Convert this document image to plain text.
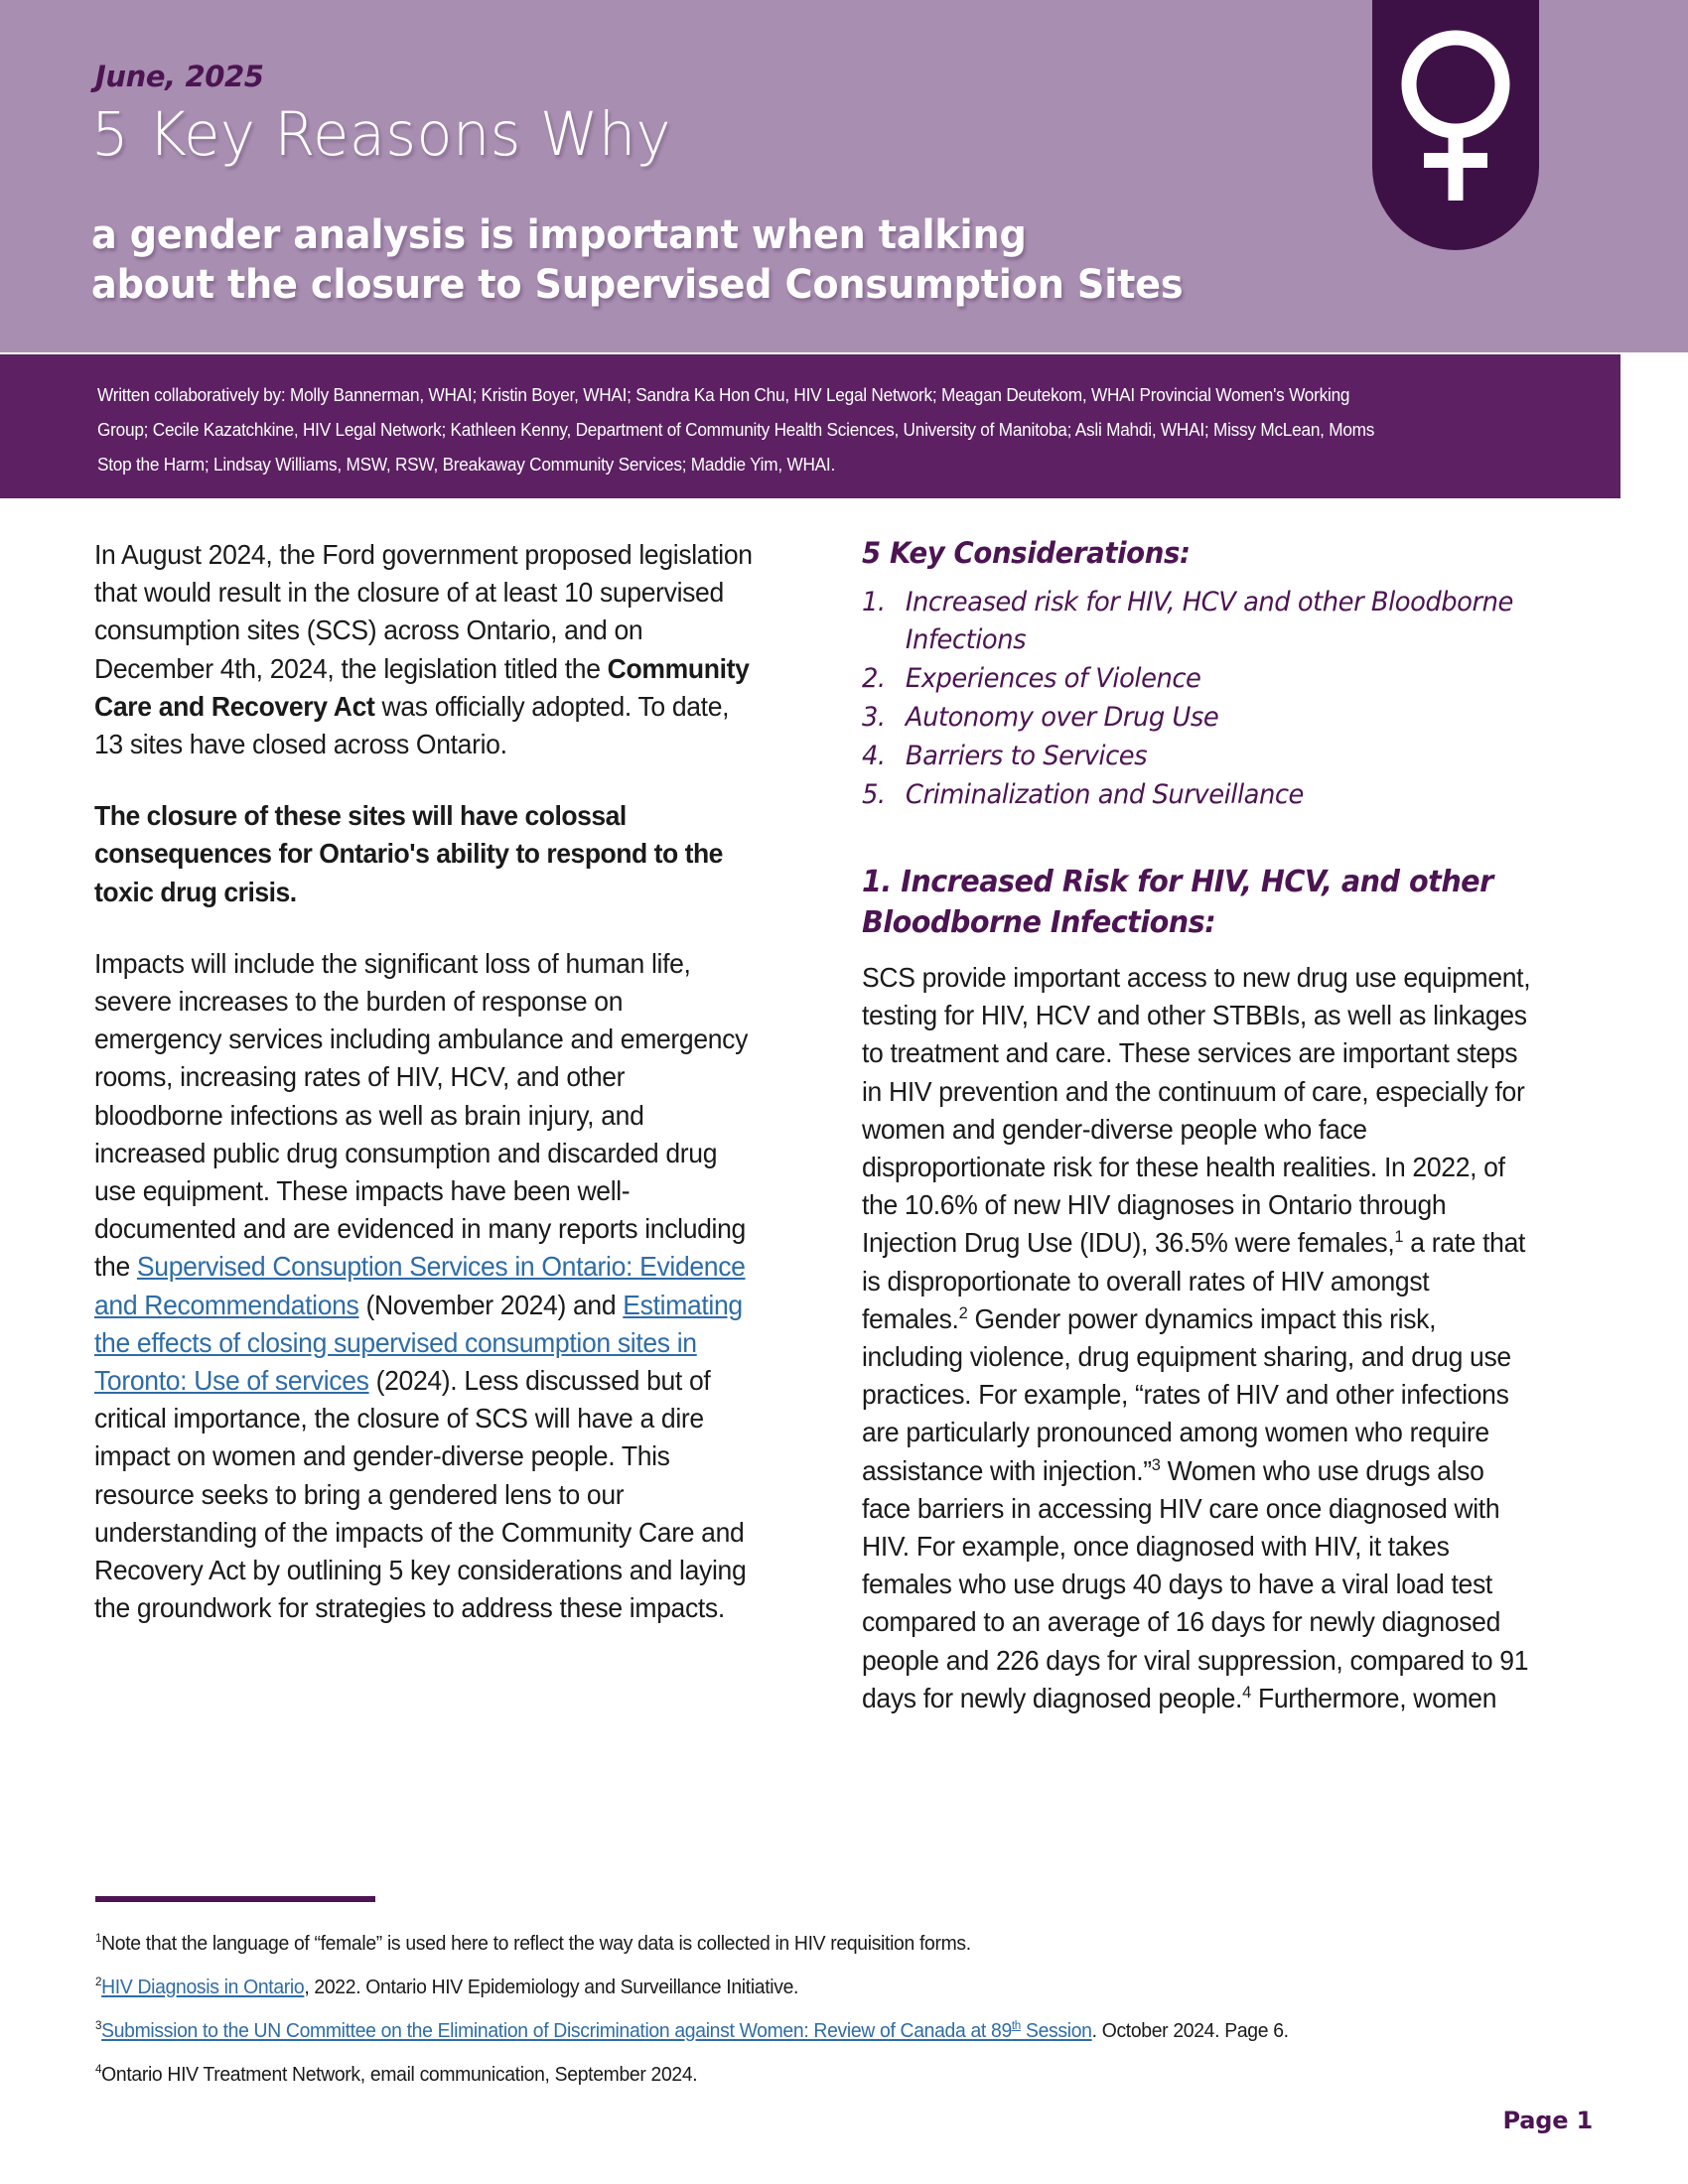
June, 2025
5 Key Reasons Why
a gender analysis is important when talking
about the closure to Supervised Consumption Sites
Written collaboratively by: Molly Bannerman, WHAI; Kristin Boyer, WHAI; Sandra Ka Hon Chu, HIV Legal Network; Meagan Deutekom, WHAI Provincial Women's Working Group; Cecile Kazatchkine, HIV Legal Network; Kathleen Kenny, Department of Community Health Sciences, University of Manitoba; Asli Mahdi, WHAI; Missy McLean, Moms Stop the Harm; Lindsay Williams, MSW, RSW, Breakaway Community Services; Maddie Yim, WHAI.

In August 2024, the Ford government proposed legislation that would result in the closure of at least 10 supervised consumption sites (SCS) across Ontario, and on December 4th, 2024, the legislation titled the Community Care and Recovery Act was officially adopted. To date, 13 sites have closed across Ontario.

The closure of these sites will have colossal consequences for Ontario's ability to respond to the toxic drug crisis.

Impacts will include the significant loss of human life, severe increases to the burden of response on emergency services including ambulance and emergency rooms, increasing rates of HIV, HCV, and other bloodborne infections as well as brain injury, and increased public drug consumption and discarded drug use equipment. These impacts have been well-documented and are evidenced in many reports including the Supervised Consuption Services in Ontario: Evidence and Recommendations (November 2024) and Estimating the effects of closing supervised consumption sites in Toronto: Use of services (2024). Less discussed but of critical importance, the closure of SCS will have a dire impact on women and gender-diverse people. This resource seeks to bring a gendered lens to our understanding of the impacts of the Community Care and Recovery Act by outlining 5 key considerations and laying the groundwork for strategies to address these impacts.

5 Key Considerations:
1. Increased risk for HIV, HCV and other Bloodborne Infections
2. Experiences of Violence
3. Autonomy over Drug Use
4. Barriers to Services
5. Criminalization and Surveillance
1. Increased Risk for HIV, HCV, and other Bloodborne Infections:

SCS provide important access to new drug use equipment, testing for HIV, HCV and other STBBIs, as well as linkages to treatment and care. These services are important steps in HIV prevention and the continuum of care, especially for women and gender-diverse people who face disproportionate risk for these health realities. In 2022, of the 10.6% of new HIV diagnoses in Ontario through Injection Drug Use (IDU), 36.5% were females,$^1$ a rate that is disproportionate to overall rates of HIV amongst females.$^2$ Gender power dynamics impact this risk, including violence, drug equipment sharing, and drug use practices. For example, “rates of HIV and other infections are particularly pronounced among women who require assistance with injection.”$^3$ Women who use drugs also face barriers in accessing HIV care once diagnosed with HIV. For example, once diagnosed with HIV, it takes females who use drugs 40 days to have a viral load test compared to an average of 16 days for newly diagnosed people and 226 days for viral suppression, compared to 91 days for newly diagnosed people.$^4$ Furthermore, women

$^1$Note that the language of “female” is used here to reflect the way data is collected in HIV requisition forms.

$^2$HIV Diagnosis in Ontario, 2022. Ontario HIV Epidemiology and Surveillance Initiative.

$^3$Submission to the UN Committee on the Elimination of Discrimination against Women: Review of Canada at 89th Session. October 2024. Page 6.

$^4$Ontario HIV Treatment Network, email communication, September 2024.

Page 1
